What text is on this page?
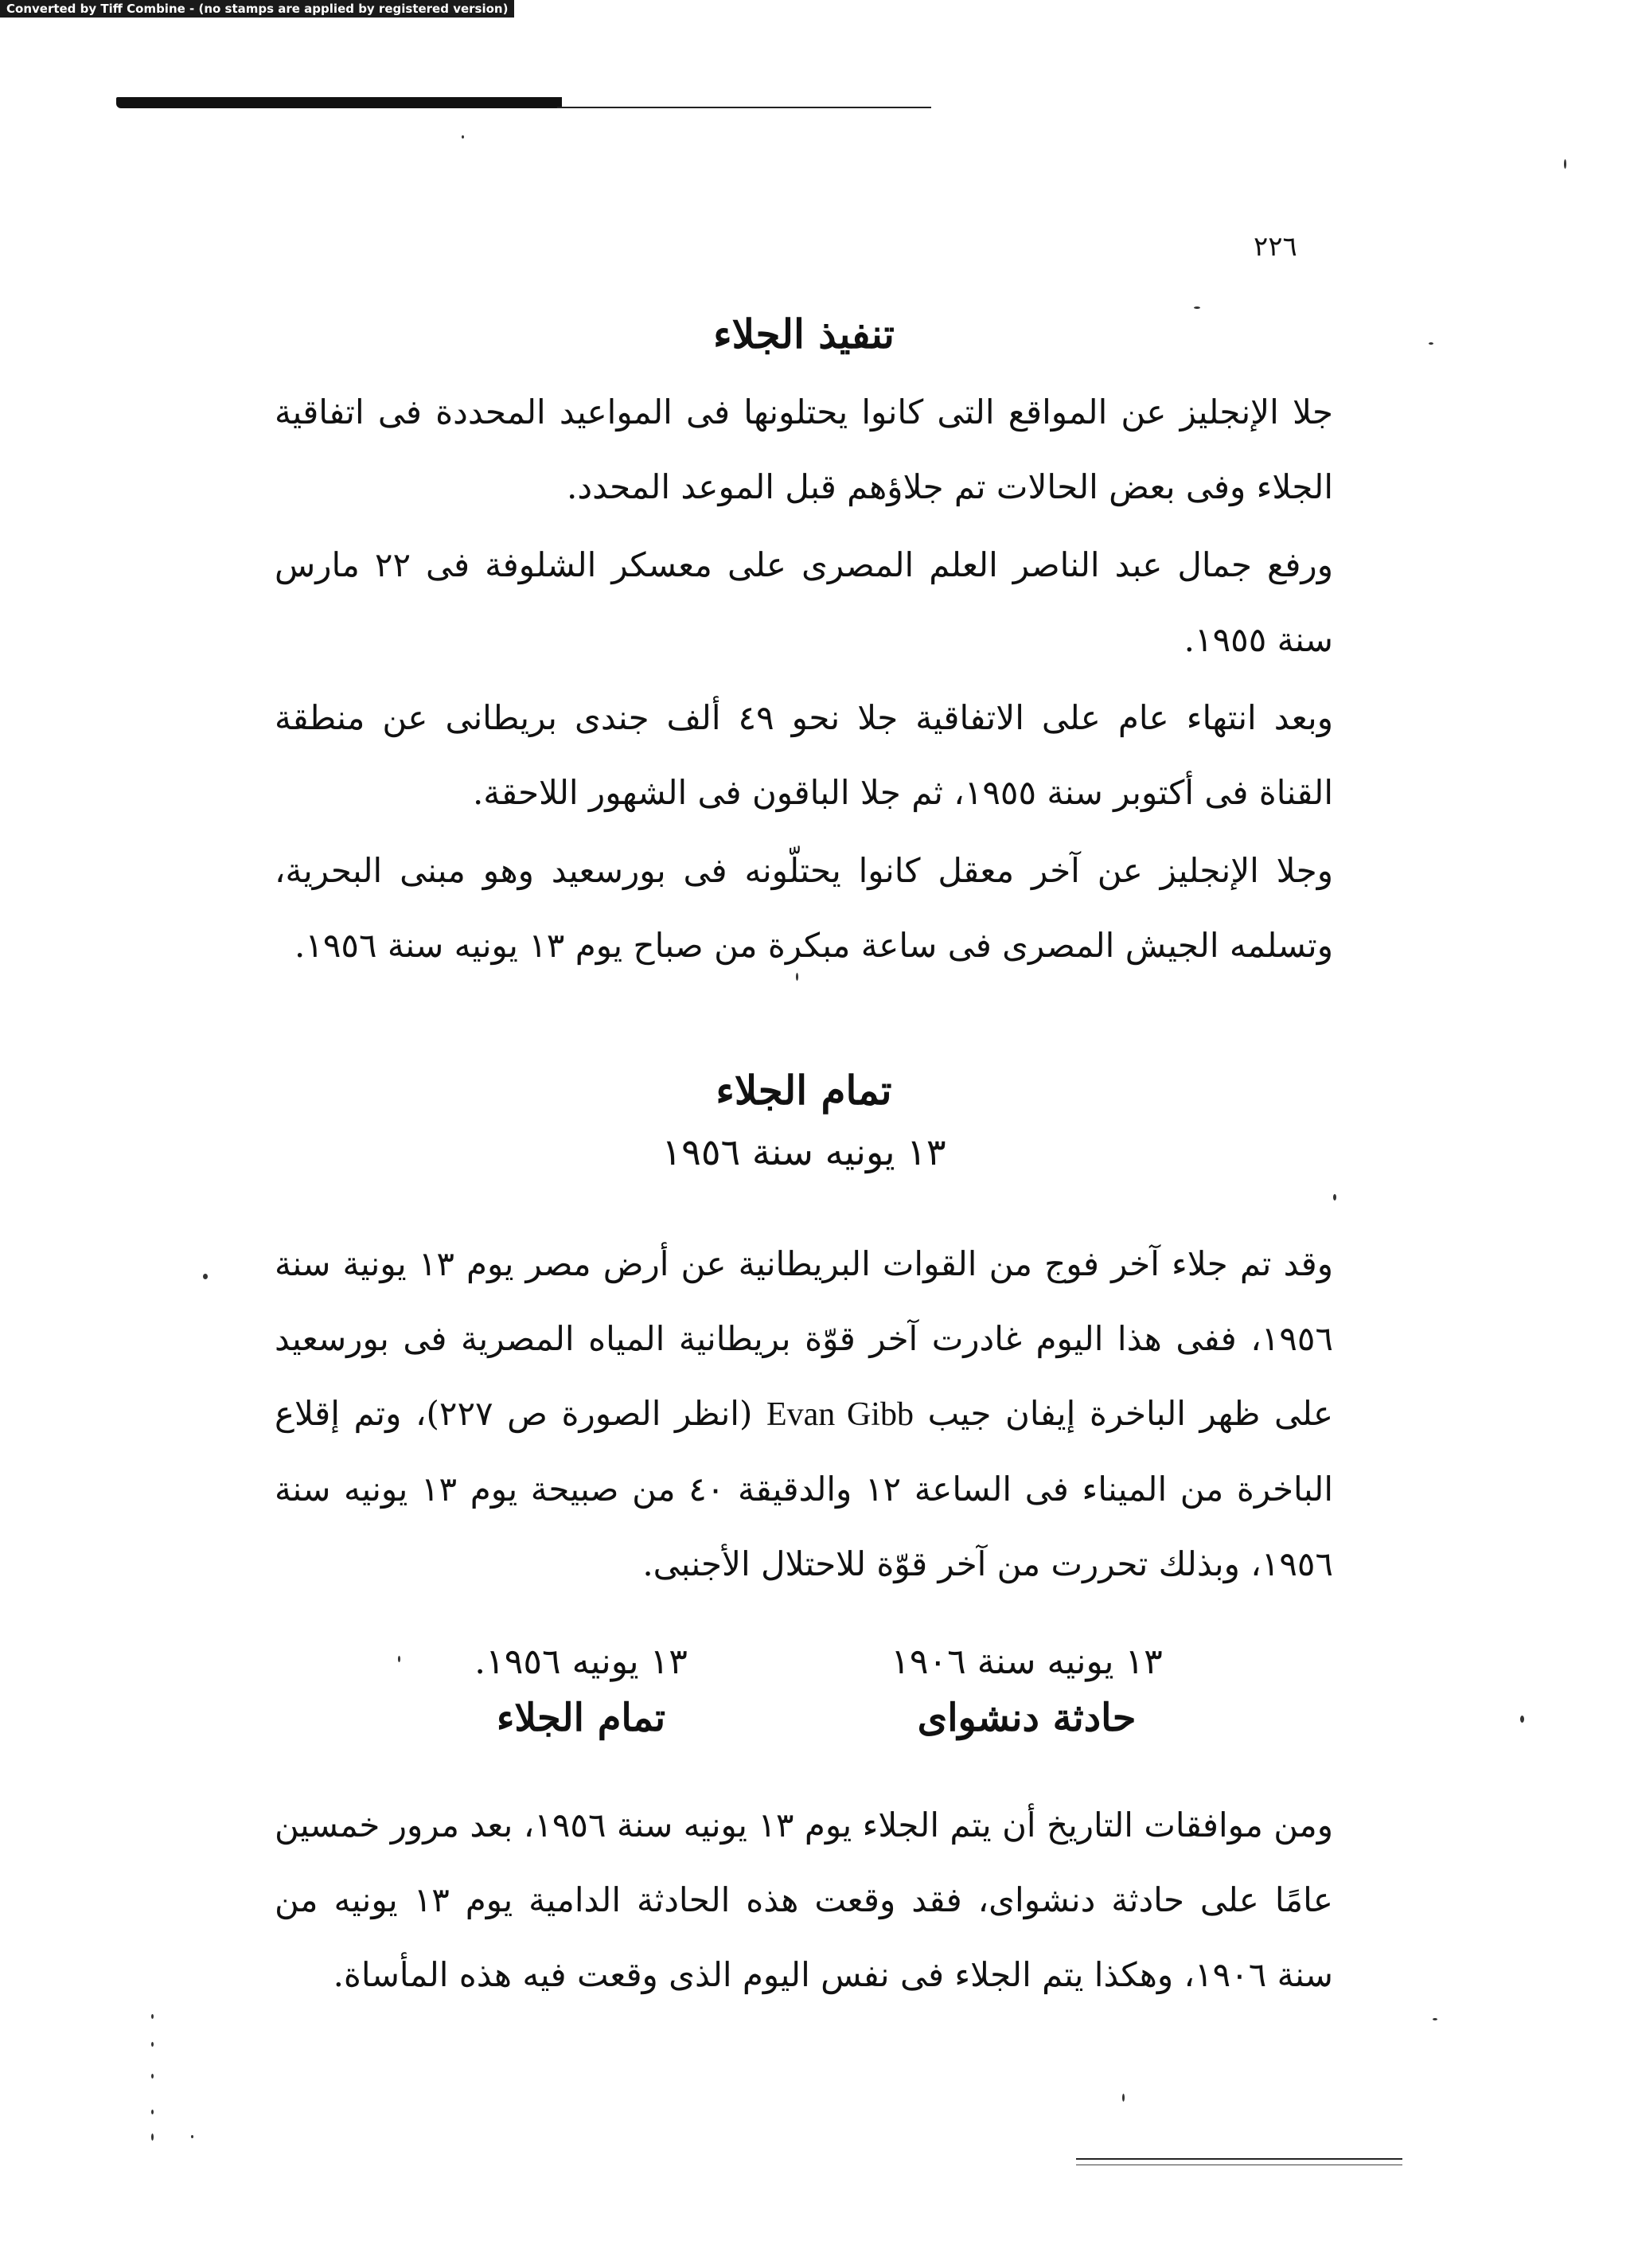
Converted by Tiff Combine - (no stamps are applied by registered version)
٢٢٦
تنفيذ الجلاء

جلا الإنجليز عن المواقع التى كانوا يحتلونها فى المواعيد المحددة فى اتفاقية الجلاء وفى بعض الحالات تم جلاؤهم قبل الموعد المحدد.

ورفع جمال عبد الناصر العلم المصرى على معسكر الشلوفة فى ٢٢ مارس سنة ١٩٥٥.

وبعد انتهاء عام على الاتفاقية جلا نحو ٤٩ ألف جندى بريطانى عن منطقة القناة فى أكتوبر سنة ١٩٥٥، ثم جلا الباقون فى الشهور اللاحقة.

وجلا الإنجليز عن آخر معقل كانوا يحتلّونه فى بورسعيد وهو مبنى البحرية، وتسلمه الجيش المصرى فى ساعة مبكرة من صباح يوم ١٣ يونيه سنة ١٩٥٦.

تمام الجلاء
١٣ يونيه سنة ١٩٥٦

وقد تم جلاء آخر فوج من القوات البريطانية عن أرض مصر يوم ١٣ يونية سنة ١٩٥٦، ففى هذا اليوم غادرت آخر قوّة بريطانية المياه المصرية فى بورسعيد على ظهر الباخرة إيفان جيب Evan Gibb (انظر الصورة ص ٢٢٧)، وتم إقلاع الباخرة من الميناء فى الساعة ١٢ والدقيقة ٤٠ من صبيحة يوم ١٣ يونيه سنة ١٩٥٦، وبذلك تحررت من آخر قوّة للاحتلال الأجنبى.

١٣ يونيه سنة ١٩٠٦
حادثة دنشواى
١٣ يونيه ١٩٥٦.
تمام الجلاء

ومن موافقات التاريخ أن يتم الجلاء يوم ١٣ يونيه سنة ١٩٥٦، بعد مرور خمسين عامًا على حادثة دنشواى، فقد وقعت هذه الحادثة الدامية يوم ١٣ يونيه من سنة ١٩٠٦، وهكذا يتم الجلاء فى نفس اليوم الذى وقعت فيه هذه المأساة.
